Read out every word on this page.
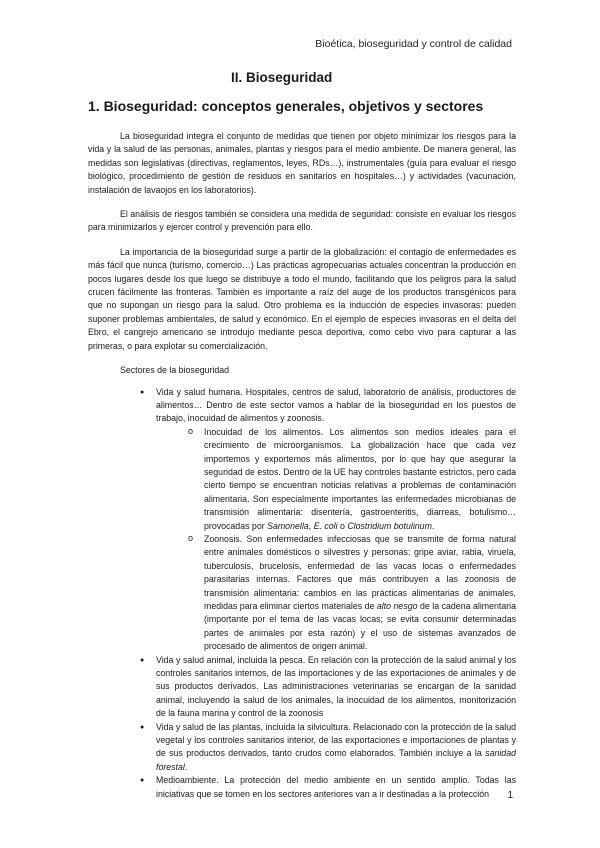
Bioética, bioseguridad y control de calidad
II. Bioseguridad
1. Bioseguridad: conceptos generales, objetivos y sectores

La bioseguridad integra el conjunto de medidas que tienen por objeto minimizar los riesgos para la vida y la salud de las personas, animales, plantas y riesgos para el medio ambiente. De manera general, las medidas son legislativas (directivas, reglamentos, leyes, RDs…), instrumentales (guía para evaluar el riesgo biológico, procedimiento de gestión de residuos en sanitarios en hospitales…) y actividades (vacunación, instalación de lavaojos en los laboratorios).

El análisis de riesgos también se considera una medida de seguridad: consiste en evaluar los riesgos para minimizarlos y ejercer control y prevención para ello.

La importancia de la bioseguridad surge a partir de la globalización: el contagio de enfermedades es más fácil que nunca (turismo, comercio…) Las prácticas agropecuarias actuales concentran la producción en pocos lugares desde los que luego se distribuye a todo el mundo, facilitando que los peligros para la salud crucen fácilmente las fronteras. También es importante a raíz del auge de los productos transgénicos para que no supongan un riesgo para la salud. Otro problema es la inducción de especies invasoras: pueden suponer problemas ambientales, de salud y económico. En el ejemplo de especies invasoras en el delta del Ebro, el cangrejo americano se introdujo mediante pesca deportiva, como cebo vivo para capturar a las primeras, o para explotar su comercialización.

Sectores de la bioseguridad
● Vida y salud humana. Hospitales, centros de salud, laboratorio de análisis, productores de alimentos… Dentro de este sector vamos a hablar de la bioseguridad en los puestos de trabajo, inocuidad de alimentos y zoonosis.
o Inocuidad de los alimentos. Los alimentos son medios ideales para el crecimiento de microorganismos. La globalización hace que cada vez importemos y exportemos más alimentos, por lo que hay que asegurar la seguridad de estos. Dentro de la UE hay controles bastante estrictos, pero cada cierto tiempo se encuentran noticias relativas a problemas de contaminación alimentaria. Son especialmente importantes las enfermedades microbianas de transmisión alimentaria: disentería, gastroenteritis, diarreas, botulismo… provocadas por Samonella, E. coli o Clostridium botulinum.
o Zoonosis. Son enfermedades infecciosas que se transmite de forma natural entre animales domésticos o silvestres y personas; gripe aviar, rabia, viruela, tuberculosis, brucelosis, enfermedad de las vacas locas o enfermedades parasitarias internas. Factores que más contribuyen a las zoonosis de transmisión alimentaria: cambios en las prácticas alimentarias de animales, medidas para eliminar ciertos materiales de alto riesgo de la cadena alimentaria (importante por el tema de las vacas locas; se evita consumir determinadas partes de animales por esta razón) y el uso de sistemas avanzados de procesado de alimentos de origen animal.
● Vida y salud animal, incluida la pesca. En relación con la protección de la salud animal y los controles sanitarios internos, de las importaciones y de las exportaciones de animales y de sus productos derivados. Las administraciones veterinarias se encargan de la sanidad animal, incluyendo la salud de los animales, la inocuidad de los alimentos, monitorización de la fauna marina y control de la zoonosis
● Vida y salud de las plantas, incluida la silvicultura. Relacionado con la protección de la salud vegetal y los controles sanitarios interior, de las exportaciones e importaciones de plantas y de sus productos derivados, tanto crudos como elaborados. También incluye a la sanidad forestal.
● Medioambiente. La protección del medio ambiente en un sentido amplio. Todas las iniciativas que se tomen en los sectores anteriores van a ir destinadas a la protección	1
